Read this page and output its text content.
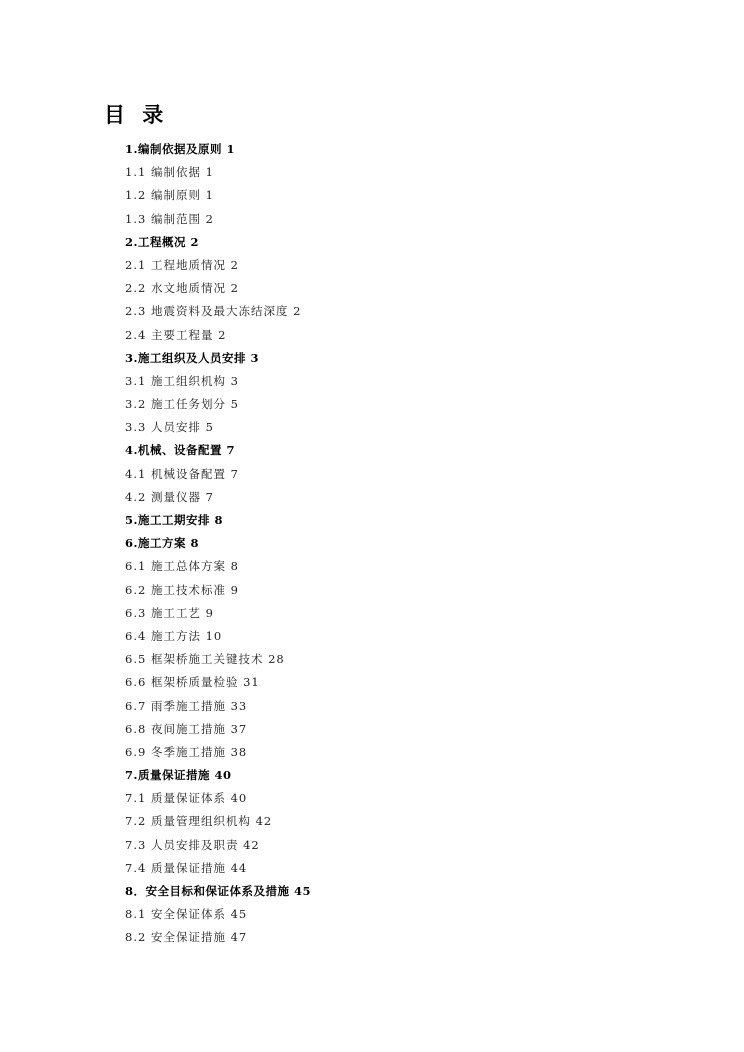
目 录
1.编制依据及原则 1
1.1 编制依据 1
1.2 编制原则 1
1.3 编制范围 2
2.工程概况 2
2.1 工程地质情况 2
2.2 水文地质情况 2
2.3 地震资料及最大冻结深度 2
2.4 主要工程量 2
3.施工组织及人员安排 3
3.1 施工组织机构 3
3.2 施工任务划分 5
3.3 人员安排 5
4.机械、设备配置 7
4.1 机械设备配置 7
4.2 测量仪器 7
5.施工工期安排 8
6.施工方案 8
6.1 施工总体方案 8
6.2 施工技术标准 9
6.3 施工工艺 9
6.4 施工方法 10
6.5 框架桥施工关键技术 28
6.6 框架桥质量检验 31
6.7 雨季施工措施 33
6.8 夜间施工措施 37
6.9 冬季施工措施 38
7.质量保证措施 40
7.1 质量保证体系 40
7.2 质量管理组织机构 42
7.3 人员安排及职责 42
7.4 质量保证措施 44
8．安全目标和保证体系及措施 45
8.1 安全保证体系 45
8.2 安全保证措施 47
